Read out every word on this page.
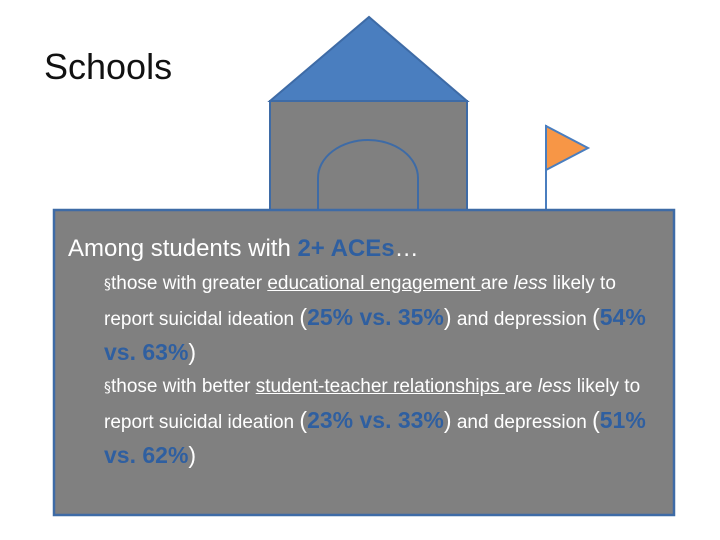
Schools
Among students with 2+ ACEs…
§those with greater educational engagement are less likely to report suicidal ideation (25% vs. 35%) and depression (54% vs. 63%)
§those with better student-teacher relationships are less likely to report suicidal ideation (23% vs. 33%) and depression (51% vs. 62%)
